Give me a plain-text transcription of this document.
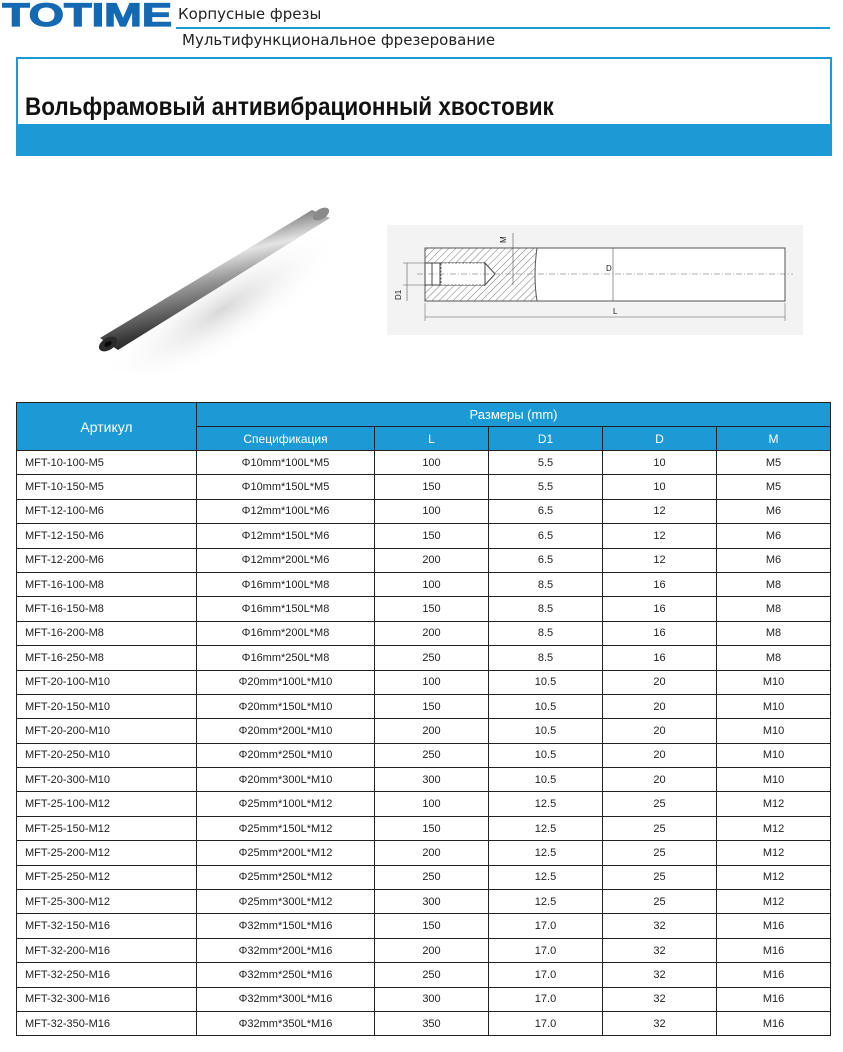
TOTIME Корпусные фрезы
Мультифункциональное фрезерование
Вольфрамовый антивибрационный хвостовик
M
D
D1
L
Артикул	Размеры (mm)				
	Спецификация	L	D1	D	M
MFT-10-100-M5	Φ10mm*100L*M5	100	5.5	10	M5
MFT-10-150-M5	Φ10mm*150L*M5	150	5.5	10	M5
MFT-12-100-M6	Φ12mm*100L*M6	100	6.5	12	M6
MFT-12-150-M6	Φ12mm*150L*M6	150	6.5	12	M6
MFT-12-200-M6	Φ12mm*200L*M6	200	6.5	12	M6
MFT-16-100-M8	Φ16mm*100L*M8	100	8.5	16	M8
MFT-16-150-M8	Φ16mm*150L*M8	150	8.5	16	M8
MFT-16-200-M8	Φ16mm*200L*M8	200	8.5	16	M8
MFT-16-250-M8	Φ16mm*250L*M8	250	8.5	16	M8
MFT-20-100-M10	Φ20mm*100L*M10	100	10.5	20	M10
MFT-20-150-M10	Φ20mm*150L*M10	150	10.5	20	M10
MFT-20-200-M10	Φ20mm*200L*M10	200	10.5	20	M10
MFT-20-250-M10	Φ20mm*250L*M10	250	10.5	20	M10
MFT-20-300-M10	Φ20mm*300L*M10	300	10.5	20	M10
MFT-25-100-M12	Φ25mm*100L*M12	100	12.5	25	M12
MFT-25-150-M12	Φ25mm*150L*M12	150	12.5	25	M12
MFT-25-200-M12	Φ25mm*200L*M12	200	12.5	25	M12
MFT-25-250-M12	Φ25mm*250L*M12	250	12.5	25	M12
MFT-25-300-M12	Φ25mm*300L*M12	300	12.5	25	M12
MFT-32-150-M16	Φ32mm*150L*M16	150	17.0	32	M16
MFT-32-200-M16	Φ32mm*200L*M16	200	17.0	32	M16
MFT-32-250-M16	Φ32mm*250L*M16	250	17.0	32	M16
MFT-32-300-M16	Φ32mm*300L*M16	300	17.0	32	M16
MFT-32-350-M16	Φ32mm*350L*M16	350	17.0	32	M16
